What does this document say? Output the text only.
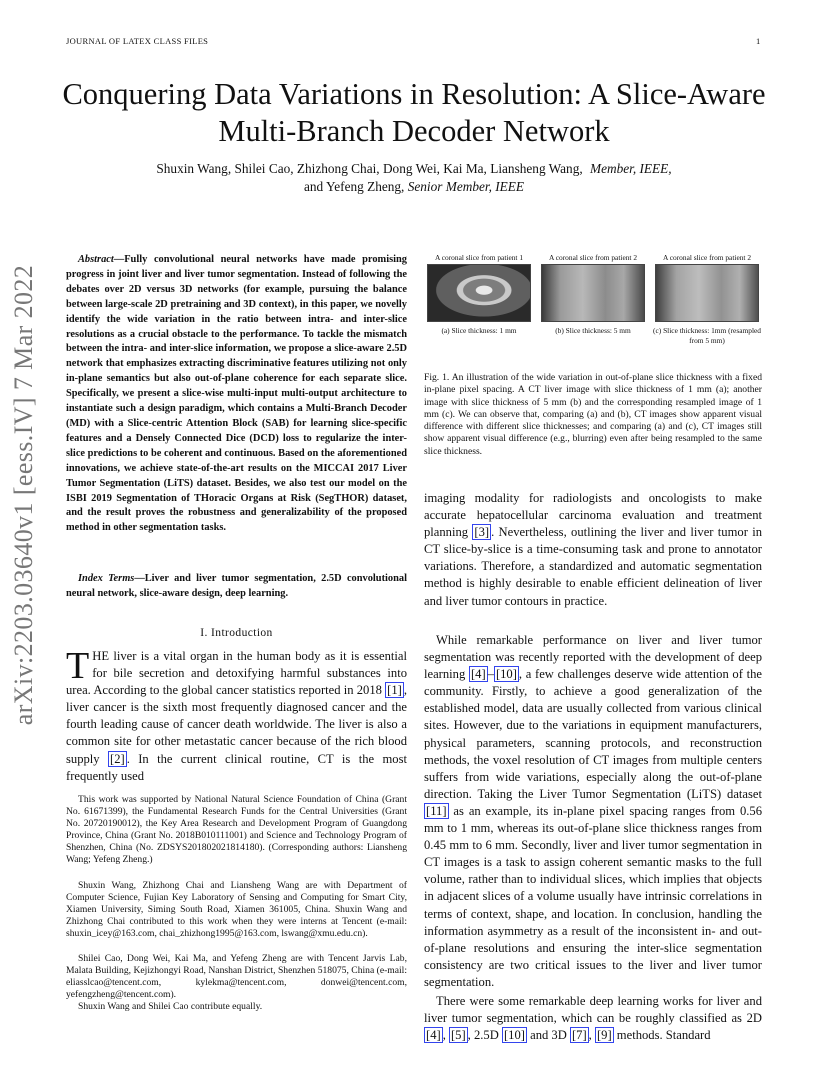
JOURNAL OF LATEX CLASS FILES	1
arXiv:2203.03640v1 [eess.IV] 7 Mar 2022
Conquering Data Variations in Resolution: A Slice-Aware Multi-Branch Decoder Network
Shuxin Wang, Shilei Cao, Zhizhong Chai, Dong Wei, Kai Ma, Liansheng Wang, Member, IEEE,
and Yefeng Zheng, Senior Member, IEEE
Abstract—Fully convolutional neural networks have made promising progress in joint liver and liver tumor segmentation. Instead of following the debates over 2D versus 3D networks (for example, pursuing the balance between large-scale 2D pretraining and 3D context), in this paper, we novelly identify the wide variation in the ratio between intra- and inter-slice resolutions as a crucial obstacle to the performance. To tackle the mismatch between the intra- and inter-slice information, we propose a slice-aware 2.5D network that emphasizes extracting discriminative features utilizing not only in-plane semantics but also out-of-plane coherence for each separate slice. Specifically, we present a slice-wise multi-input multi-output architecture to instantiate such a design paradigm, which contains a Multi-Branch Decoder (MD) with a Slice-centric Attention Block (SAB) for learning slice-specific features and a Densely Connected Dice (DCD) loss to regularize the inter-slice predictions to be coherent and continuous. Based on the aforementioned innovations, we achieve state-of-the-art results on the MICCAI 2017 Liver Tumor Segmentation (LiTS) dataset. Besides, we also test our model on the ISBI 2019 Segmentation of THoracic Organs at Risk (SegTHOR) dataset, and the result proves the robustness and generalizability of the proposed method in other segmentation tasks.
Index Terms—Liver and liver tumor segmentation, 2.5D convolutional neural network, slice-aware design, deep learning.
I. Introduction
THE liver is a vital organ in the human body as it is essential for bile secretion and detoxifying harmful substances into urea. According to the global cancer statistics reported in 2018 [1] , liver cancer is the sixth most frequently diagnosed cancer and the fourth leading cause of cancer death worldwide. The liver is also a common site for other metastatic cancer because of the rich blood supply [2] . In the current clinical routine, CT is the most frequently used
This work was supported by National Natural Science Foundation of China (Grant No. 61671399), the Fundamental Research Funds for the Central Universities (Grant No. 20720190012), the Key Area Research and Development Program of Guangdong Province, China (Grant No. 2018B010111001) and Science and Technology Program of Shenzhen, China (No. ZDSYS201802021814180). (Corresponding authors: Liansheng Wang; Yefeng Zheng.)
Shuxin Wang, Zhizhong Chai and Liansheng Wang are with Department of Computer Science, Fujian Key Laboratory of Sensing and Computing for Smart City, Xiamen University, Siming South Road, Xiamen 361005, China. Shuxin Wang and Zhizhong Chai contributed to this work when they were interns at Tencent (e-mail: shuxin_icey@163.com, chai_zhizhong1995@163.com, lswang@xmu.edu.cn).
Shilei Cao, Dong Wei, Kai Ma, and Yefeng Zheng are with Tencent Jarvis Lab, Malata Building, Kejizhongyi Road, Nanshan District, Shenzhen 518075, China (e-mail: eliasslcao@tencent.com, kylekma@tencent.com, donwei@tencent.com, yefengzheng@tencent.com).
Shuxin Wang and Shilei Cao contribute equally.
A coronal slice from patient 1
(a) Slice thickness: 1 mm
A coronal slice from patient 2
(b) Slice thickness: 5 mm
A coronal slice from patient 2
(c) Slice thickness: 1mm (resampled from 5 mm)
Fig. 1. An illustration of the wide variation in out-of-plane slice thickness with a fixed in-plane pixel spacing. A CT liver image with slice thickness of 1 mm (a); another image with slice thickness of 5 mm (b) and the corresponding resampled image of 1 mm (c). We can observe that, comparing (a) and (b), CT images show apparent visual difference with different slice thicknesses; and comparing (a) and (c), CT images still show apparent visual difference (e.g., blurring) even after being resampled to the same slice thickness.
imaging modality for radiologists and oncologists to make accurate hepatocellular carcinoma evaluation and treatment planning [3] . Nevertheless, outlining the liver and liver tumor in CT slice-by-slice is a time-consuming task and prone to annotator variations. Therefore, a standardized and automatic segmentation method is highly desirable to enable efficient delineation of liver and liver tumor contours in practice.
While remarkable performance on liver and liver tumor segmentation was recently reported with the development of deep learning [4] – [10] , a few challenges deserve wide attention of the community. Firstly, to achieve a good generalization of the established model, data are usually collected from various clinical sites. However, due to the variations in equipment manufacturers, physical parameters, scanning protocols, and reconstruction methods, the voxel resolution of CT images from multiple centers suffers from wide variations, especially along the out-of-plane direction. Taking the Liver Tumor Segmentation (LiTS) dataset [11] as an example, its in-plane pixel spacing ranges from 0.56 mm to 1 mm, whereas its out-of-plane slice thickness ranges from 0.45 mm to 6 mm. Secondly, liver and liver tumor segmentation in CT images is a task to assign coherent semantic masks to the full volume, rather than to individual slices, which implies that objects in adjacent slices of a volume usually have intrinsic correlations in terms of context, shape, and location. In conclusion, handling the information asymmetry as a result of the inconsistent in- and out-of-plane resolutions and ensuring the inter-slice segmentation consistency are two critical issues to the liver and liver tumor segmentation.
There were some remarkable deep learning works for liver and liver tumor segmentation, which can be roughly classified as 2D [4] , [5] , 2.5D [10] and 3D [7] , [9] methods. Standard
